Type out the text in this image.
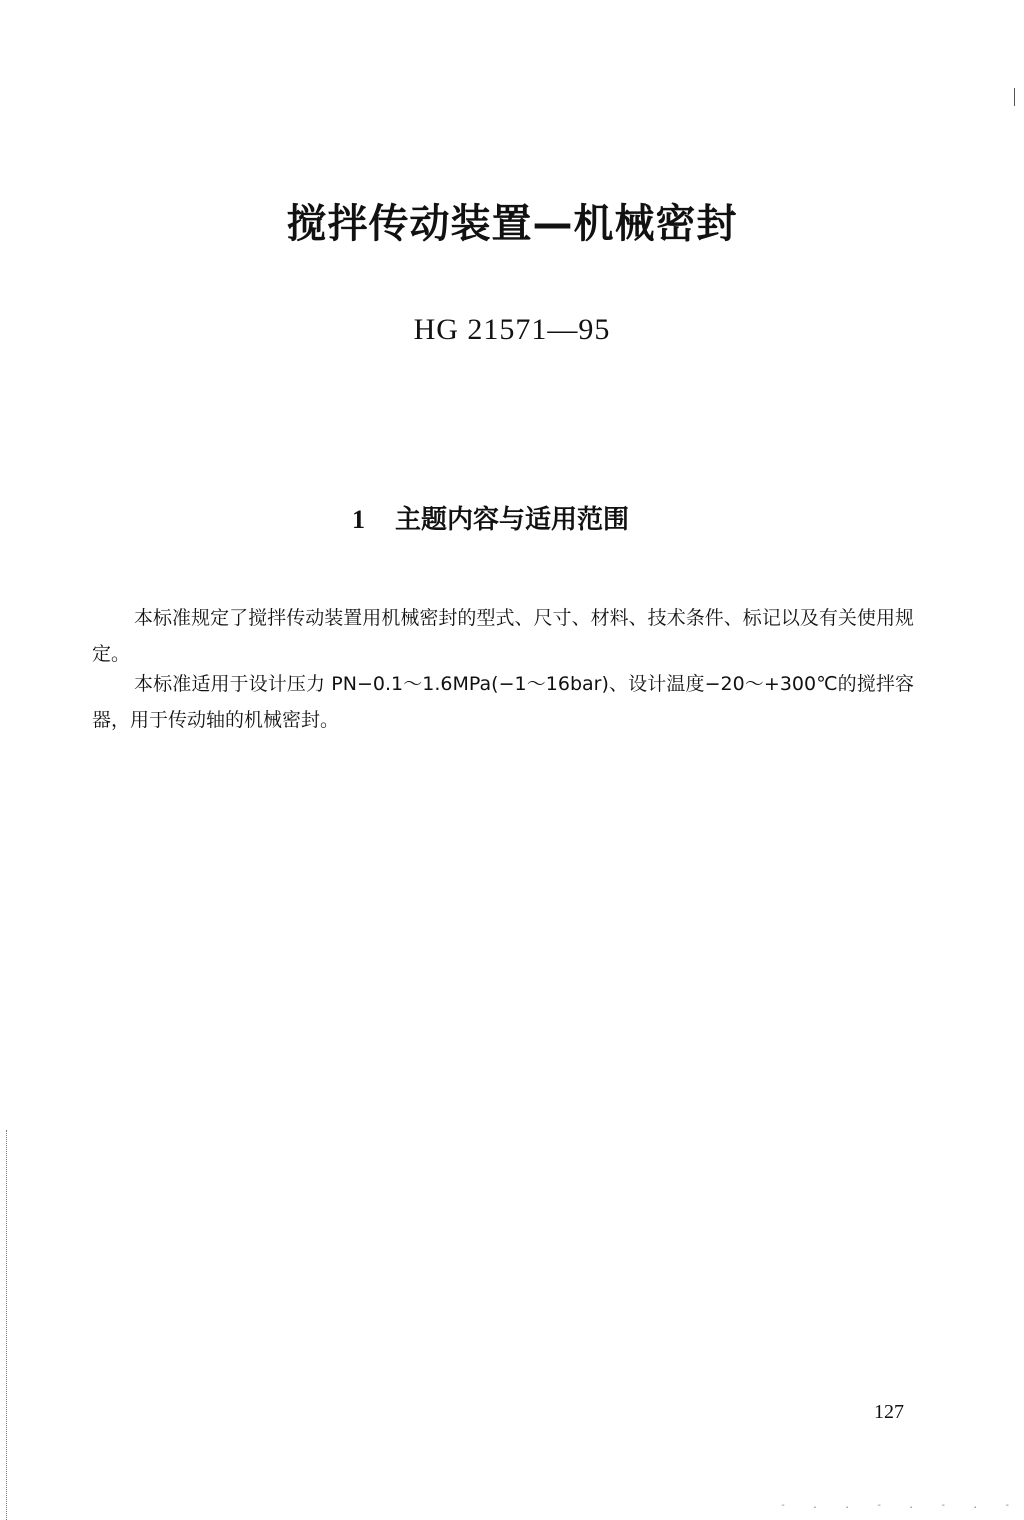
搅拌传动装置—机械密封
HG 21571—95
1 主题内容与适用范围
本标准规定了搅拌传动装置用机械密封的型式、尺寸、材料、技术条件、标记以及有关使用规定。
本标准适用于设计压力 PN−0.1～1.6MPa(−1～16bar)、设计温度−20～+300℃的搅拌容器，用于传动轴的机械密封。
127
- . . - . - . -
